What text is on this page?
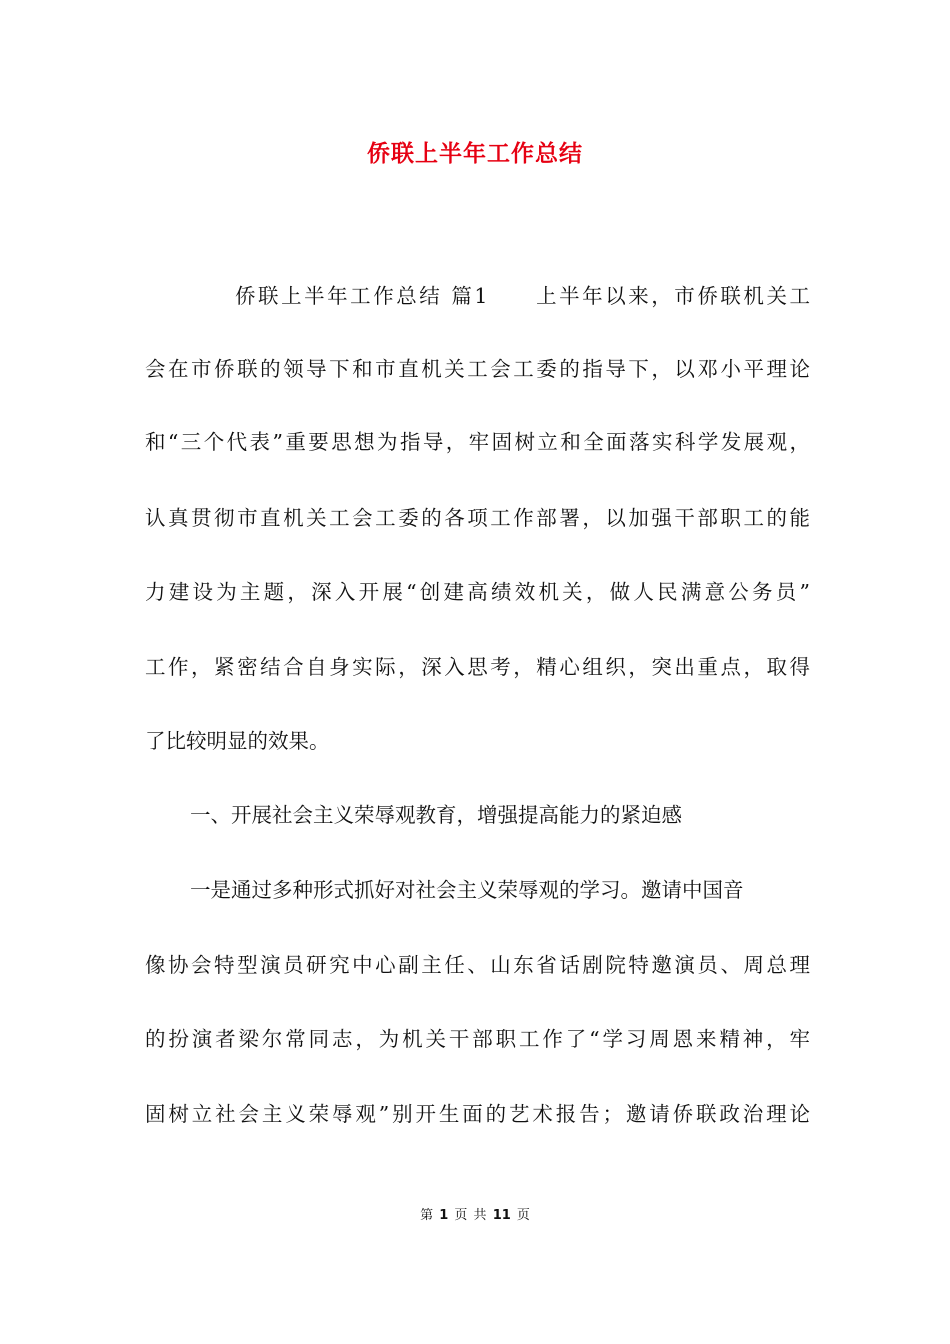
侨联上半年工作总结
侨联上半年工作总结 篇1　　上半年以来，市侨联机关工
会在市侨联的领导下和市直机关工会工委的指导下，以邓小平理论
和“三个代表”重要思想为指导，牢固树立和全面落实科学发展观，
认真贯彻市直机关工会工委的各项工作部署，以加强干部职工的能
力建设为主题，深入开展“创建高绩效机关，做人民满意公务员”
工作，紧密结合自身实际，深入思考，精心组织，突出重点，取得
了比较明显的效果。
一、开展社会主义荣辱观教育，增强提高能力的紧迫感
一是通过多种形式抓好对社会主义荣辱观的学习。邀请中国音
像协会特型演员研究中心副主任、山东省话剧院特邀演员、周总理
的扮演者梁尔常同志，为机关干部职工作了“学习周恩来精神，牢
固树立社会主义荣辱观”别开生面的艺术报告；邀请侨联政治理论
第 1 页 共 11 页
